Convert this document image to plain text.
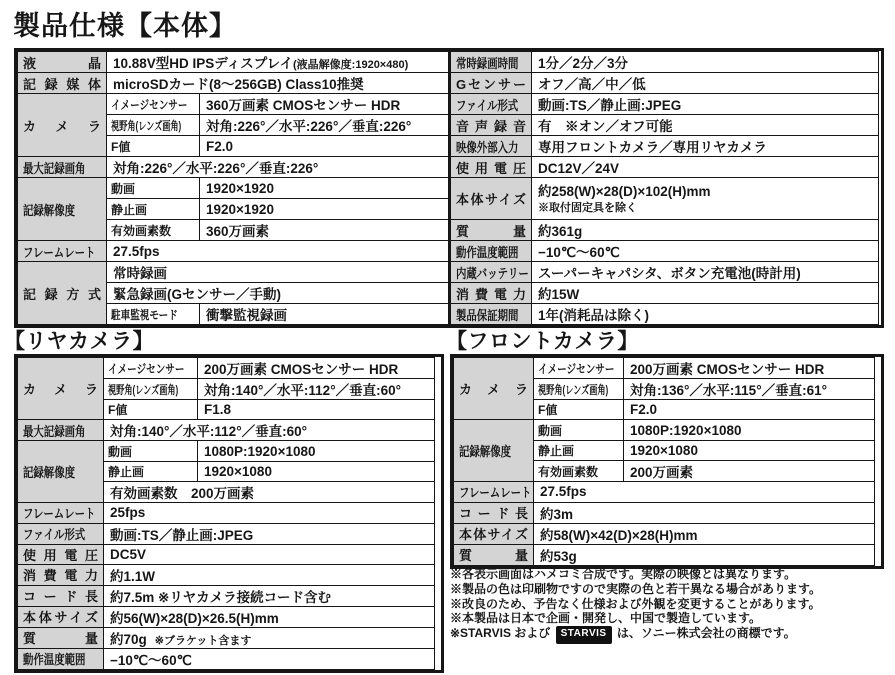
製品仕様【本体】
液晶	10.88V型HD IPSディスプレイ(液晶解像度:1920×480)	
記録媒体	microSDカード(8～256GB) Class10推奨	
カメラ	イメージセンサー	360万画素 CMOSセンサー HDR
	視野角(レンズ画角)	対角:226°／水平:226°／垂直:226°
	F値	F2.0
最大記録画角	対角:226°／水平:226°／垂直:226°	
記録解像度	動画	1920×1920
	静止画	1920×1920
	有効画素数	360万画素
フレームレート	27.5fps	
記録方式	常時録画	
	緊急録画(Gセンサー／手動)	
	駐車監視モード	衝撃監視録画
常時録画時間	1分／2分／3分
Gセンサー	オフ／高／中／低
ファイル形式	動画:TS／静止画:JPEG
音声録音	有　※オン／オフ可能
映像外部入力	専用フロントカメラ／専用リヤカメラ
使用電圧	DC12V／24V
本体サイズ	約258(W)×28(D)×102(H)mm
※取付固定具を除く

質量	約361g
動作温度範囲	−10℃～60℃
内蔵バッテリー	スーパーキャパシタ、ボタン充電池(時計用)
消費電力	約15W
製品保証期間	1年(消耗品は除く)
【リヤカメラ】
カメラ	イメージセンサー	200万画素 CMOSセンサー HDR
	視野角(レンズ画角)	対角:140°／水平:112°／垂直:60°
	F値	F1.8
最大記録画角	対角:140°／水平:112°／垂直:60°	
記録解像度	動画	1080P:1920×1080
	静止画	1920×1080
	有効画素数　200万画素	
フレームレート	25fps	
ファイル形式	動画:TS／静止画:JPEG	
使用電圧	DC5V	
消費電力	約1.1W	
コード長	約7.5m ※リヤカメラ接続コード含む	
本体サイズ	約56(W)×28(D)×26.5(H)mm	
質量	約70g ※ブラケット含ます	
動作温度範囲	−10℃～60℃	
【フロントカメラ】
カメラ	イメージセンサー	200万画素 CMOSセンサー HDR
	視野角(レンズ画角)	対角:136°／水平:115°／垂直:61°
	F値	F2.0
記録解像度	動画	1080P:1920×1080
	静止画	1920×1080
	有効画素数	200万画素
フレームレート	27.5fps	
コード長	約3m	
本体サイズ	約58(W)×42(D)×28(H)mm	
質量	約53g	
※各表示画面はハメコミ合成です。実際の映像とは異なります。
※製品の色は印刷物ですので実際の色と若干異なる場合があります。
※改良のため、予告なく仕様および外観を変更することがあります。
※本製品は日本で企画・開発し、中国で製造しています。
※STARVIS および STARVIS は、ソニー株式会社の商標です。
